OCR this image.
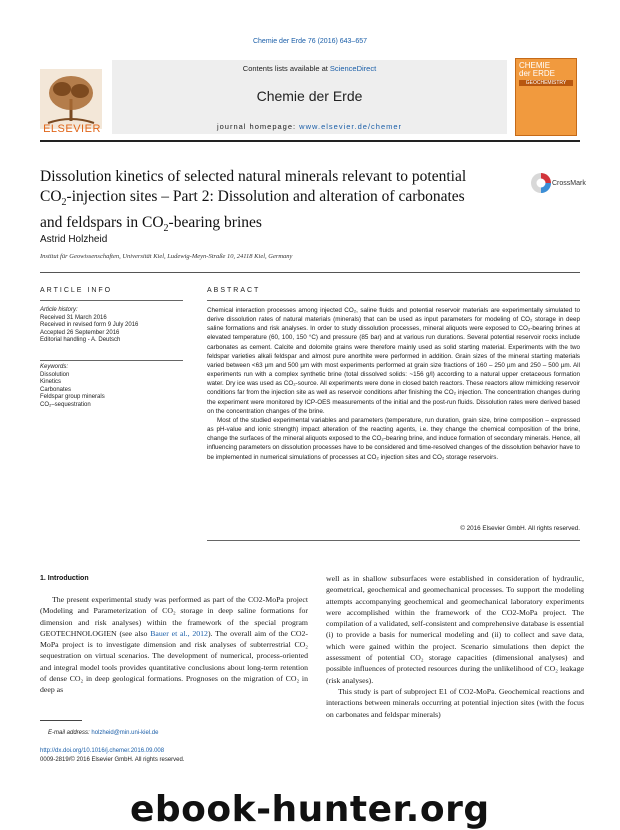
Chemie der Erde 76 (2016) 643–657
ELSEVIER
Contents lists available at ScienceDirect
Chemie der Erde
journal homepage: www.elsevier.de/chemer
CHEMIE
der ERDE
GEOCHEMISTRY
Dissolution kinetics of selected natural minerals relevant to potential
$CO_2$-injection sites – Part 2: Dissolution and alteration of carbonates
and feldspars in $CO_2$-bearing brines
CrossMark
Astrid Holzheid
Institut für Geowissenschaften, Universität Kiel, Ludewig-Meyn-Straße 10, 24118 Kiel, Germany
ARTICLE INFO
Article history:
Received 31 March 2016
Received in revised form 9 July 2016
Accepted 26 September 2016
Editorial handling - A. Deutsch
Keywords:
Dissolution
Kinetics
Carbonates
Feldspar group minerals
CO₂–sequestration
ABSTRACT

Chemical interaction processes among injected CO₂, saline fluids and potential reservoir materials are experimentally simulated to derive dissolution rates of natural materials (minerals) that can be used as input parameters for modeling of CO₂ storage in deep saline formations and risk analyses. In order to study dissolution processes, mineral aliquots were exposed to CO₂-bearing brines at elevated temperature (60, 100, 150 °C) and pressure (85 bar) and at various run durations. Several potential reservoir rocks include carbonates as cement. Calcite and dolomite grains were therefore mainly used as solid starting material. Experiments with the two feldspar varieties alkali feldspar and almost pure anorthite were performed in addition. Grain sizes of the mineral starting materials varied between <63 µm and 500 µm with most experiments performed at grain size fractions of 160 – 250 µm and 250 – 500 µm. All experiments run with a complex synthetic brine (total dissolved solids: ~156 g/l) according to a natural upper cretaceous formation water. Dry ice was used as CO₂-source. All experiments were done in closed batch reactors. These reactors allow mimicking reservoir conditions far from the injection site as well as reservoir conditions after finishing the CO₂ injection. The concentration changes during the experiment were monitored by ICP-OES measurements of the initial and the post-run fluids. Dissolution rates were derived based on the concentration changes of the brine.

Most of the studied experimental variables and parameters (temperature, run duration, grain size, brine composition – expressed as pH-value and ionic strength) impact alteration of the reacting agents, i.e. they change the chemical composition of the brine, change the surfaces of the mineral aliquots exposed to the CO₂-bearing brine, and induce formation of secondary minerals. Hence, all influencing parameters on dissolution processes have to be considered and time-resolved changes of the dissolution behavior have to be implemented in numerical simulations of processes at CO₂ injection sites and CO₂ storage reservoirs.

© 2016 Elsevier GmbH. All rights reserved.
1. Introduction
The present experimental study was performed as part of the CO2-MoPa project (Modeling and Parameterization of CO₂ storage in deep saline formations for dimension and risk analyses) within the framework of the special program GEOTECHNOLOGIEN (see also Bauer et al., 2012). The overall aim of the CO2-MoPa project is to investigate dimension and risk analyses of subterrestrial CO₂ sequestration on virtual scenarios. The development of numerical, process-oriented and integral model tools provides quantitative conclusions about long-term retention of dense CO₂ in deep geological formations. Prognoses on the migration of CO₂ in deep as

well as in shallow subsurfaces were established in consideration of hydraulic, geometrical, geochemical and geomechanical processes. To support the modeling attempts accompanying geochemical and geomechanical laboratory experiments were accomplished within the framework of the CO2-MoPa project. The compilation of a validated, self-consistent and comprehensive database is essential (i) to provide a basis for numerical modeling and (ii) to collect and save data, which were gained within the project. Scenario simulations then depict the assessment of potential CO₂ storage capacities (dimensional analyses) and possible influences of protected resources during the unlikelihood of CO₂ leakage (risk analyses).

This study is part of subproject E1 of CO2-MoPa. Geochemical reactions and interactions between minerals occurring at potential injection sites (with the focus on carbonates and feldspar minerals)

E-mail address: holzheid@min.uni-kiel.de
http://dx.doi.org/10.1016/j.chemer.2016.09.008
0009-2819/© 2016 Elsevier GmbH. All rights reserved.
ebook-hunter.org
